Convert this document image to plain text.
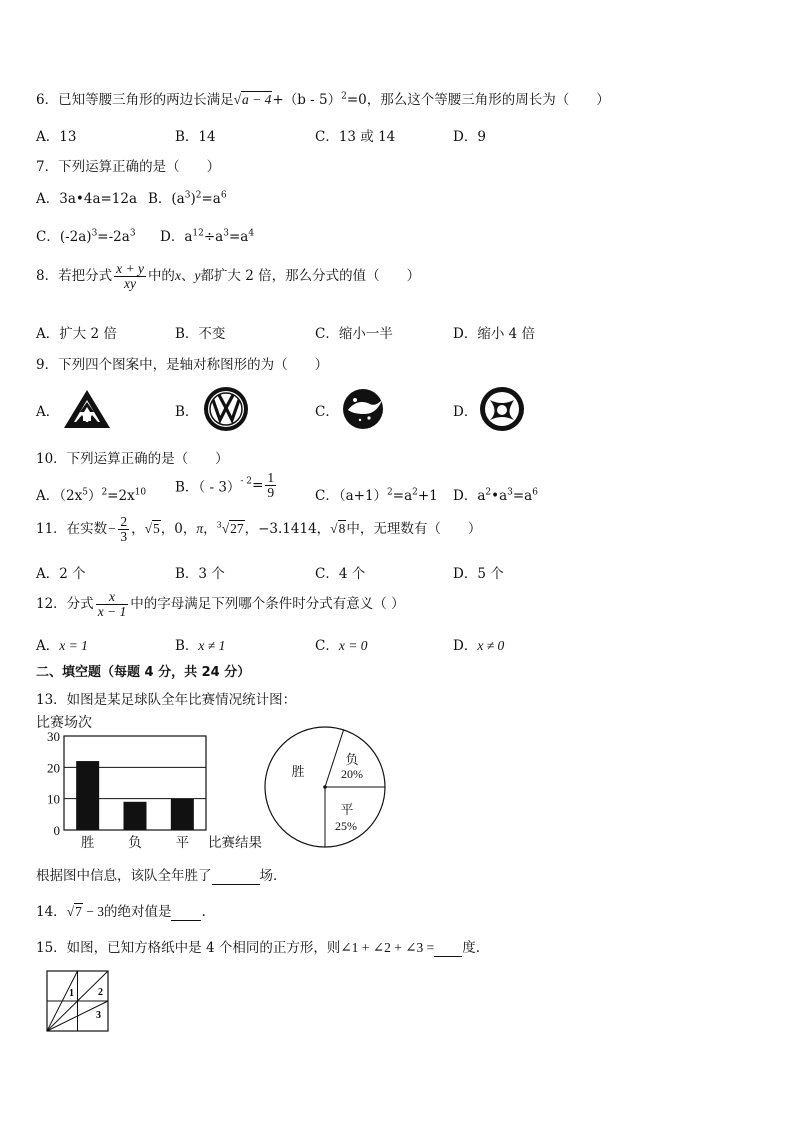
6．已知等腰三角形的两边长满足√a − 4+（b - 5）$^2$=0，那么这个等腰三角形的周长为（　　）
A．13	B．14	C．13 或 14	D．9
7．下列运算正确的是（　　）
A．3a•4a=12a B．$(a^3)^2=a^6$
C．$(-2a)^3=-2a^3$ D．$a^{12}\div a^3=a^4$
8．若把分式 $\frac{x + y}{xy}$ 中的x、y都扩大 2 倍，那么分式的值（　　）
A．扩大 2 倍	B．不变	C．缩小一半	D．缩小 4 倍
9．下列四个图案中，是轴对称图形的为（　　）
A．	B．	C．	D．
10．下列运算正确的是（　　）
A．$(2x^5)^2=2x^{10}$ B．（ - $3)^{- 2}= \frac{1}{9}$	C．$(a+1)^2=a^2+1$ D．$a^2•a^3=a^6$
11．在实数− $\frac{2}{3}$ ，√5，0，π，$^3$√27，−3.1414，√8中，无理数有（　　）
A．2 个	B．3 个	C．4 个	D．5 个
12．分式 $\frac{x}{x - 1}$ 中的字母满足下列哪个条件时分式有意义（ ）
A．x = 1	B．x ≠ 1	C．x = 0	D．x ≠ 0
二、填空题（每题 4 分，共 24 分）
13．如图是某足球队全年比赛情况统计图：
比赛场次
0
10
20
30
胜	负	平 比赛结果
胜
负
20%
平
25%
根据图中信息，该队全年胜了	场．
14．√7 − 3的绝对值是 .
15．如图，已知方格纸中是 4 个相同的正方形，则∠1 + ∠2 + ∠3 = 度.
1 2
3
